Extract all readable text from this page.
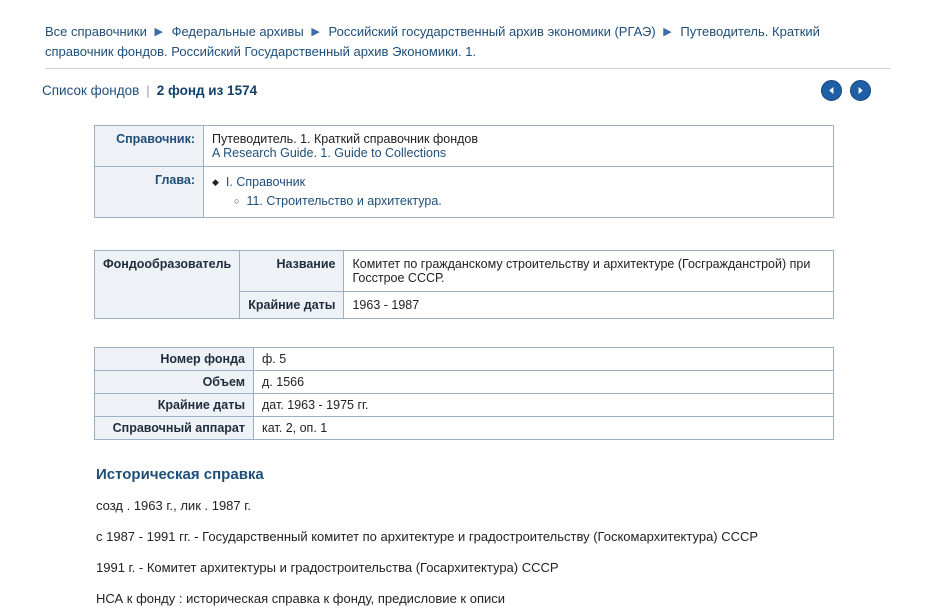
Все справочники ▶ Федеральные архивы ▶ Российский государственный архив экономики (РГАЭ) ▶ Путеводитель. Краткий справочник фондов. Российский Государственный архив Экономики. 1.
Список фондов | 2 фонд из 1574
Справочник:	Путеводитель. 1. Краткий справочник фондов
A Research Guide. 1. Guide to Collections

Глава:	
◆I. Справочник
○ 11. Строительство и архитектура.
Фондообразователь	Название	Комитет по гражданскому строительству и архитектуре (Госгражданстрой) при Госстрое СССР.
	Крайние даты	1963 - 1987
Номер фонда	ф. 5
Объем	д. 1566
Крайние даты	дат. 1963 - 1975 гг.
Справочный аппарат	кат. 2, оп. 1
Историческая справка

созд . 1963 г., лик . 1987 г.

с 1987 - 1991 гг. - Государственный комитет по архитектуре и градостроительству (Госкомархитектура) СССР

1991 г. - Комитет архитектуры и градостроительства (Госархитектура) СССР

НСА к фонду : историческая справка к фонду, предисловие к описи
